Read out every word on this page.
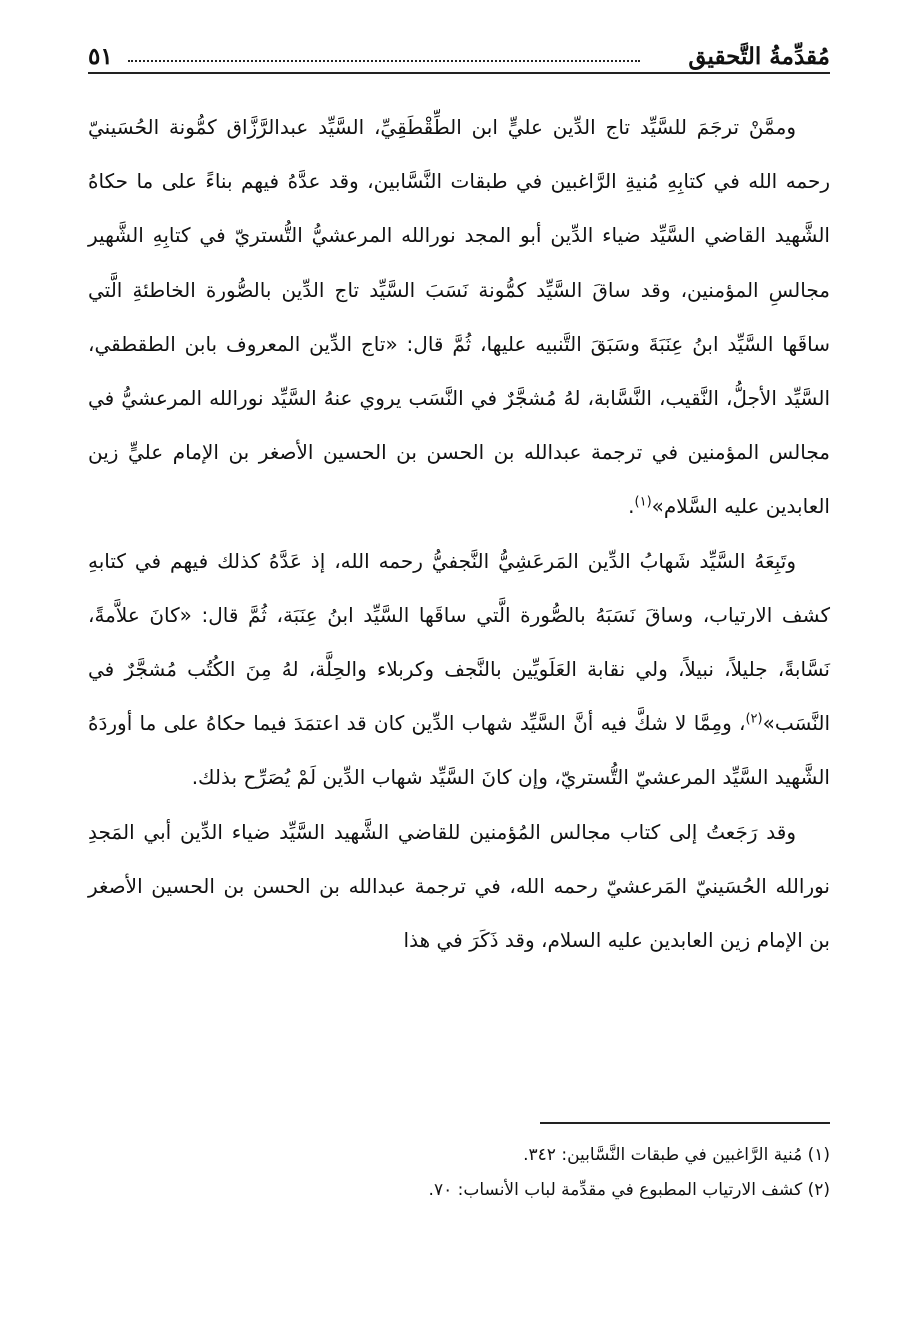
مُقدِّمةُ التَّحقيق
٥١

وممَّنْ ترجَمَ للسَّيِّد تاج الدِّين عليٍّ ابن الطِّقْطَقِيِّ، السَّيِّد عبدالرَّزَّاق كمُّونة الحُسَينيّ رحمه الله في كتابِهِ مُنيةِ الرَّاغبين في طبقات النَّسَّابين، وقد عدَّهُ فيهم بناءً على ما حكاهُ الشَّهيد القاضي السَّيِّد ضياء الدِّين أبو المجد نورالله المرعشيُّ التُّستريّ في كتابِهِ الشَّهير مجالسِ المؤمنين، وقد ساقَ السَّيِّد كمُّونة نَسَبَ السَّيِّد تاج الدِّين بالصُّورة الخاطئةِ الَّتي ساقَها السَّيِّد ابنُ عِنَبَةَ وسَبَقَ التَّنبيه عليها، ثُمَّ قال: «تاج الدِّين المعروف بابن الطقطقي، السَّيِّد الأجلُّ، النَّقيب، النَّسَّابة، لهُ مُشجَّرٌ في النَّسَب يروي عنهُ السَّيِّد نورالله المرعشيُّ في مجالس المؤمنين في ترجمة عبدالله بن الحسن بن الحسين الأصغر بن الإمام عليٍّ زين العابدين عليه السَّلام»$^{(١)}$.

وتَبِعَهُ السَّيِّد شَهابُ الدِّين المَرعَشِيُّ النَّجفيُّ رحمه الله، إذ عَدَّهُ كذلك فيهم في كتابهِ كشف الارتياب، وساقَ نَسَبَهُ بالصُّورة الَّتي ساقَها السَّيِّد ابنُ عِنَبَة، ثُمَّ قال: «كانَ علاَّمةً، نَسَّابةً، جليلاً، نبيلاً، ولي نقابة العَلَويِّين بالنَّجف وكربلاء والحِلَّة، لهُ مِنَ الكُتُب مُشجَّرٌ في النَّسَب»$^{(٢)}$، ومِمَّا لا شكَّ فيه أنَّ السَّيِّد شهاب الدِّين كان قد اعتمَدَ فيما حكاهُ على ما أوردَهُ الشَّهيد السَّيِّد المرعشيّ التُّستريّ، وإن كانَ السَّيِّد شهاب الدِّين لَمْ يُصَرِّح بذلك.

وقد رَجَعتُ إلى كتاب مجالس المُؤمنين للقاضي الشَّهيد السَّيِّد ضياء الدِّين أبي المَجدِ نورالله الحُسَينيّ المَرعشيّ رحمه الله، في ترجمة عبدالله بن الحسن بن الحسين الأصغر بن الإمام زين العابدين عليه السلام، وقد ذَكَرَ في هذا

(١) مُنية الرَّاغبين في طبقات النَّسَّابين: ٣٤٢.

(٢) كشف الارتياب المطبوع في مقدِّمة لباب الأنساب: ٧٠.
